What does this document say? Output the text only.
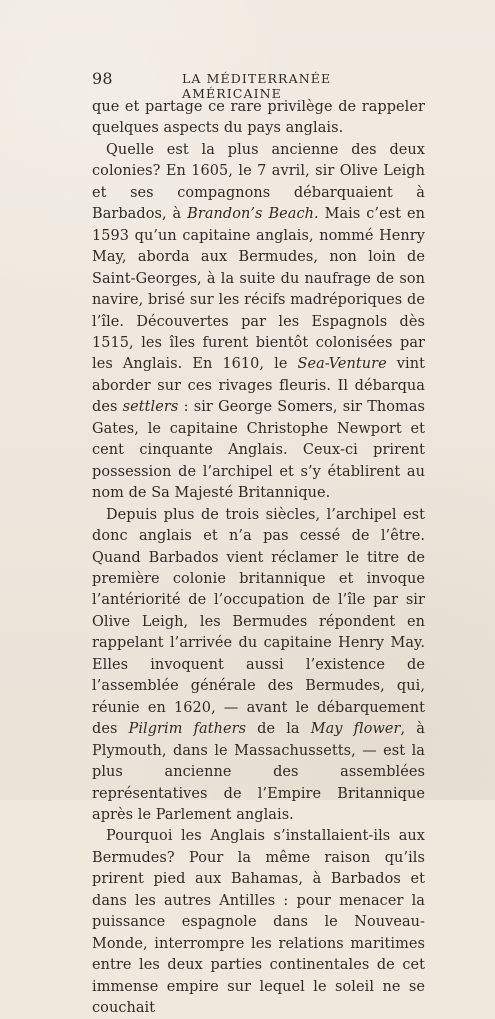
98	LA MÉDITERRANÉE AMÉRICAINE

que et partage ce rare privilège de rappeler quelques aspects du pays anglais.

Quelle est la plus ancienne des deux colonies? En 1605, le 7 avril, sir Olive Leigh et ses compagnons débarquaient à Barbados, à Brandon’s Beach. Mais c’est en 1593 qu’un capitaine anglais, nommé Henry May, aborda aux Bermudes, non loin de Saint-Georges, à la suite du naufrage de son navire, brisé sur les récifs madréporiques de l’île. Découvertes par les Espagnols dès 1515, les îles furent bientôt colonisées par les Anglais. En 1610, le Sea-Venture vint aborder sur ces rivages fleuris. Il débarqua des settlers : sir George Somers, sir Thomas Gates, le capitaine Christophe Newport et cent cinquante Anglais. Ceux-ci prirent possession de l’archipel et s’y établirent au nom de Sa Majesté Britannique.

Depuis plus de trois siècles, l’archipel est donc anglais et n’a pas cessé de l’être. Quand Barbados vient réclamer le titre de première colonie britannique et invoque l’antériorité de l’occupation de l’île par sir Olive Leigh, les Bermudes répondent en rappelant l’arrivée du capitaine Henry May. Elles invoquent aussi l’existence de l’assemblée générale des Bermudes, qui, réunie en 1620, — avant le débarquement des Pilgrim fathers de la May flower, à Plymouth, dans le Massachussetts, — est la plus ancienne des assemblées représentatives de l’Empire Britannique après le Parlement anglais.

Pourquoi les Anglais s’installaient-ils aux Bermudes? Pour la même raison qu’ils prirent pied aux Bahamas, à Barbados et dans les autres Antilles : pour menacer la puissance espagnole dans le Nouveau-Monde, interrompre les relations maritimes entre les deux parties continentales de cet immense empire sur lequel le soleil ne se couchait
